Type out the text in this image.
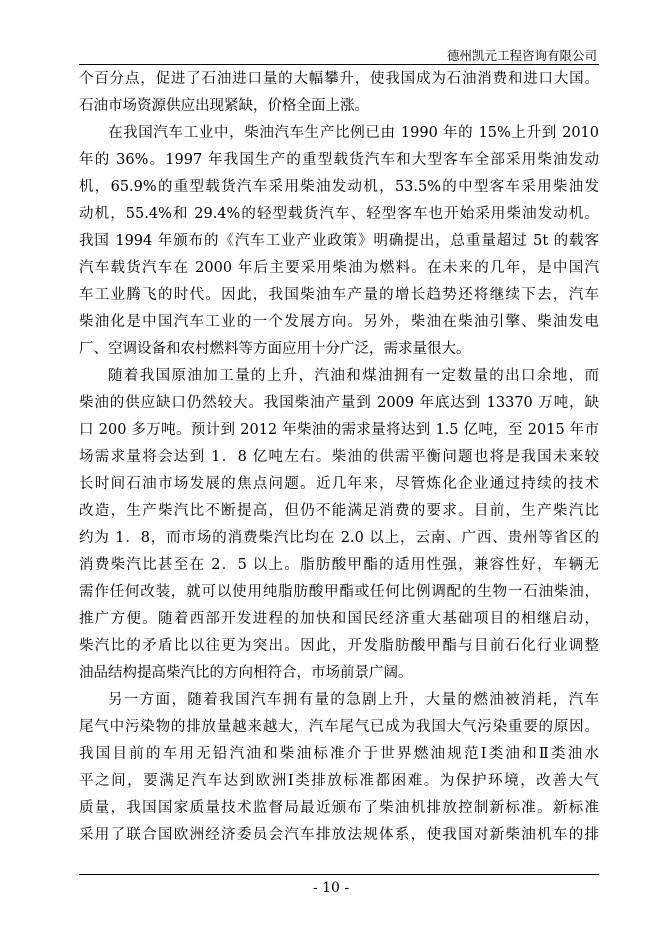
德州凯元工程咨询有限公司
个百分点，促进了石油进口量的大幅攀升，使我国成为石油消费和进口大国。
石油市场资源供应出现紧缺，价格全面上涨。
在我国汽车工业中，柴油汽车生产比例已由 1990 年的 15%上升到 2010
年的 36%。1997 年我国生产的重型载货汽车和大型客车全部采用柴油发动
机，65.9%的重型载货汽车采用柴油发动机，53.5%的中型客车采用柴油发
动机，55.4%和 29.4%的轻型载货汽车、轻型客车也开始采用柴油发动机。
我国 1994 年颁布的《汽车工业产业政策》明确提出，总重量超过 5t 的载客
汽车载货汽车在 2000 年后主要采用柴油为燃料。在未来的几年，是中国汽
车工业腾飞的时代。因此，我国柴油车产量的增长趋势还将继续下去，汽车
柴油化是中国汽车工业的一个发展方向。另外，柴油在柴油引擎、柴油发电
厂、空调设备和农村燃料等方面应用十分广泛，需求量很大。
随着我国原油加工量的上升，汽油和煤油拥有一定数量的出口余地，而
柴油的供应缺口仍然较大。我国柴油产量到 2009 年底达到 13370 万吨，缺
口 200 多万吨。预计到 2012 年柴油的需求量将达到 1.5 亿吨，至 2015 年市
场需求量将会达到 1．8 亿吨左右。柴油的供需平衡问题也将是我国未来较
长时间石油市场发展的焦点问题。近几年来，尽管炼化企业通过持续的技术
改造，生产柴汽比不断提高，但仍不能满足消费的要求。目前，生产柴汽比
约为 1．8，而市场的消费柴汽比均在 2.0 以上，云南、广西、贵州等省区的
消费柴汽比甚至在 2．5 以上。脂肪酸甲酯的适用性强，兼容性好，车辆无
需作任何改装，就可以使用纯脂肪酸甲酯或任何比例调配的生物一石油柴油，
推广方便。随着西部开发进程的加快和国民经济重大基础项目的相继启动，
柴汽比的矛盾比以往更为突出。因此，开发脂肪酸甲酯与目前石化行业调整
油品结构提高柴汽比的方向相符合，市场前景广阔。
另一方面，随着我国汽车拥有量的急剧上升，大量的燃油被消耗，汽车
尾气中污染物的排放量越来越大，汽车尾气已成为我国大气污染重要的原因。
我国目前的车用无铅汽油和柴油标准介于世界燃油规范Ⅰ类油和Ⅱ类油水
平之间，要满足汽车达到欧洲Ⅰ类排放标准都困难。为保护环境，改善大气
质量，我国国家质量技术监督局最近颁布了柴油机排放控制新标准。新标准
采用了联合国欧洲经济委员会汽车排放法规体系，使我国对新柴油机车的排
- 10 -
